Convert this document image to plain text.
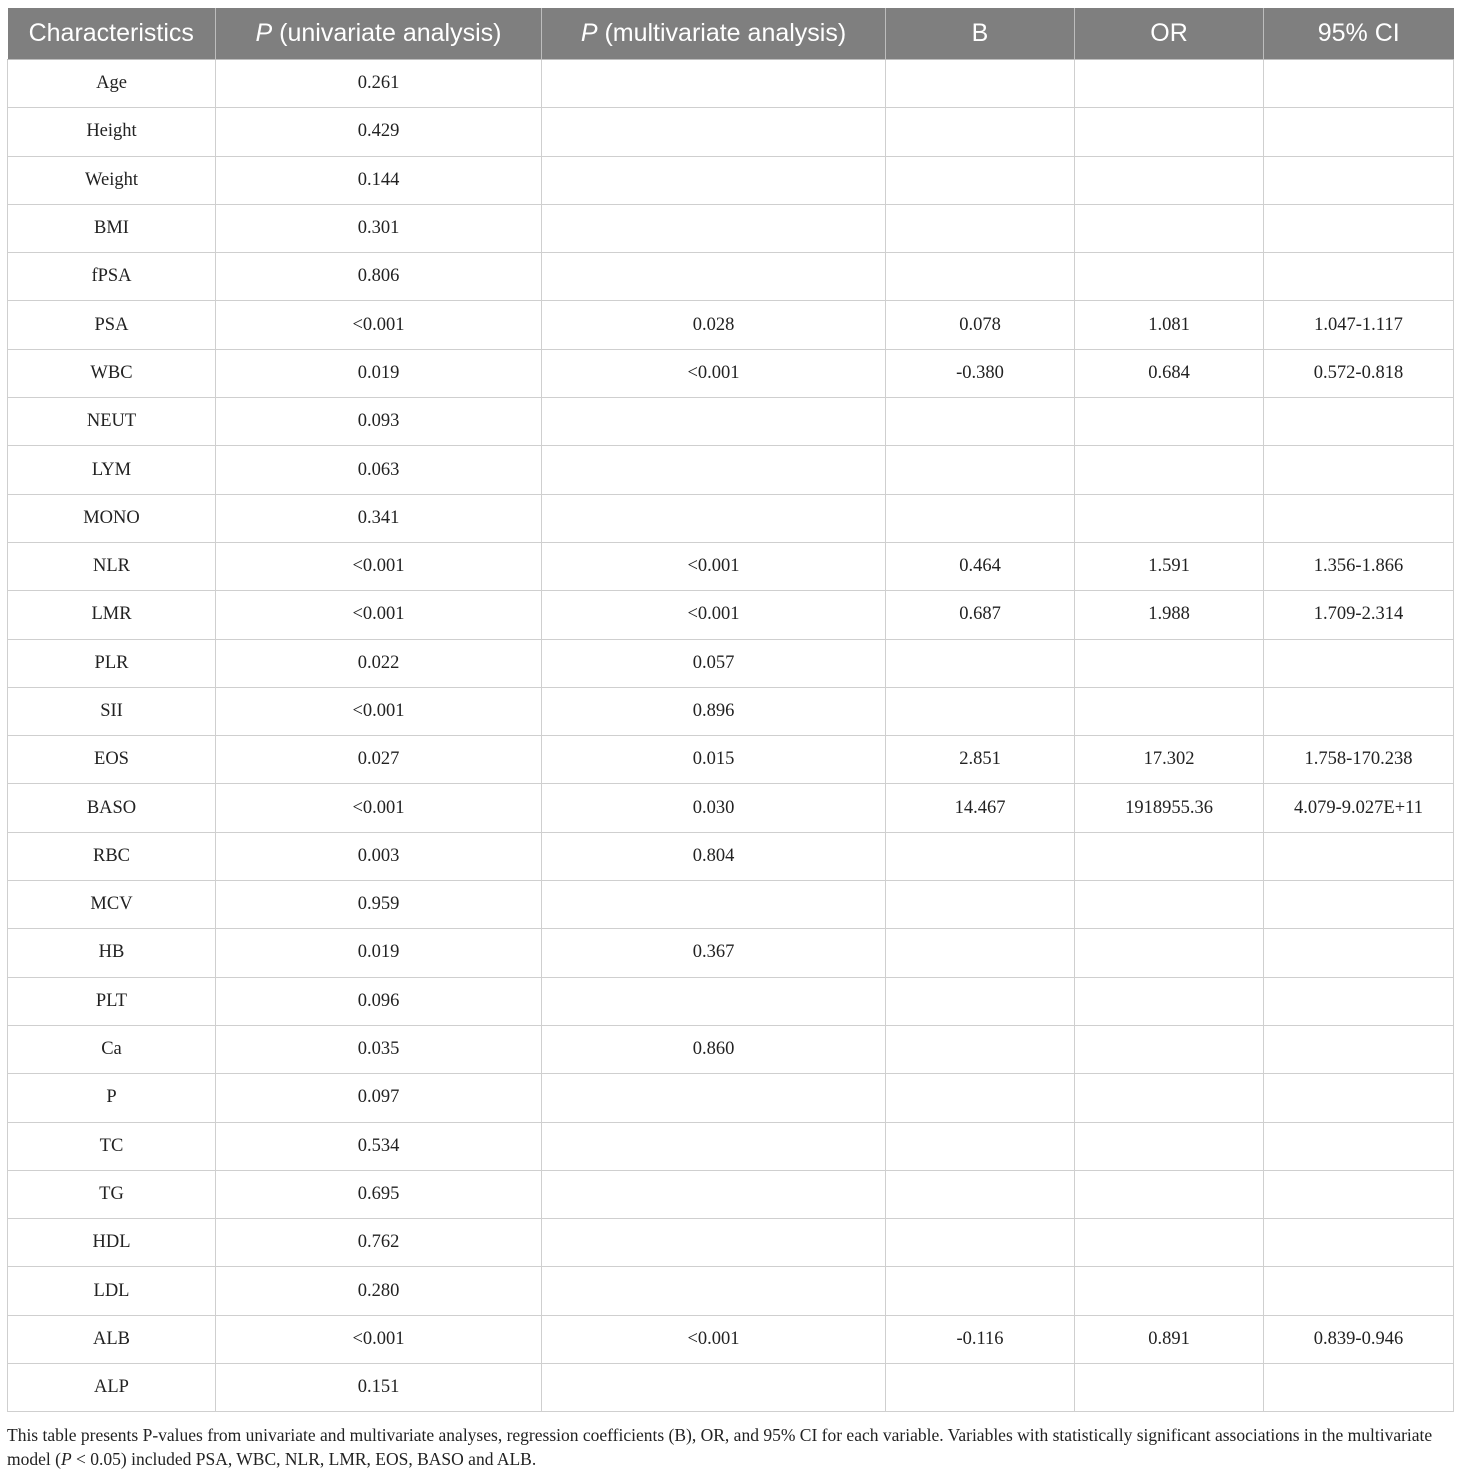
Characteristics	P (univariate analysis)	P (multivariate analysis)	B	OR	95% CI
Age	0.261				
Height	0.429				
Weight	0.144				
BMI	0.301				
fPSA	0.806				
PSA	<0.001	0.028	0.078	1.081	1.047-1.117
WBC	0.019	<0.001	-0.380	0.684	0.572-0.818
NEUT	0.093				
LYM	0.063				
MONO	0.341				
NLR	<0.001	<0.001	0.464	1.591	1.356-1.866
LMR	<0.001	<0.001	0.687	1.988	1.709-2.314
PLR	0.022	0.057			
SII	<0.001	0.896			
EOS	0.027	0.015	2.851	17.302	1.758-170.238
BASO	<0.001	0.030	14.467	1918955.36	4.079-9.027E+11
RBC	0.003	0.804			
MCV	0.959				
HB	0.019	0.367			
PLT	0.096				
Ca	0.035	0.860			
P	0.097				
TC	0.534				
TG	0.695				
HDL	0.762				
LDL	0.280				
ALB	<0.001	<0.001	-0.116	0.891	0.839-0.946
ALP	0.151				
This table presents P-values from univariate and multivariate analyses, regression coefficients (B), OR, and 95% CI for each variable. Variables with statistically significant associations in the multivariate model (P < 0.05) included PSA, WBC, NLR, LMR, EOS, BASO and ALB.
